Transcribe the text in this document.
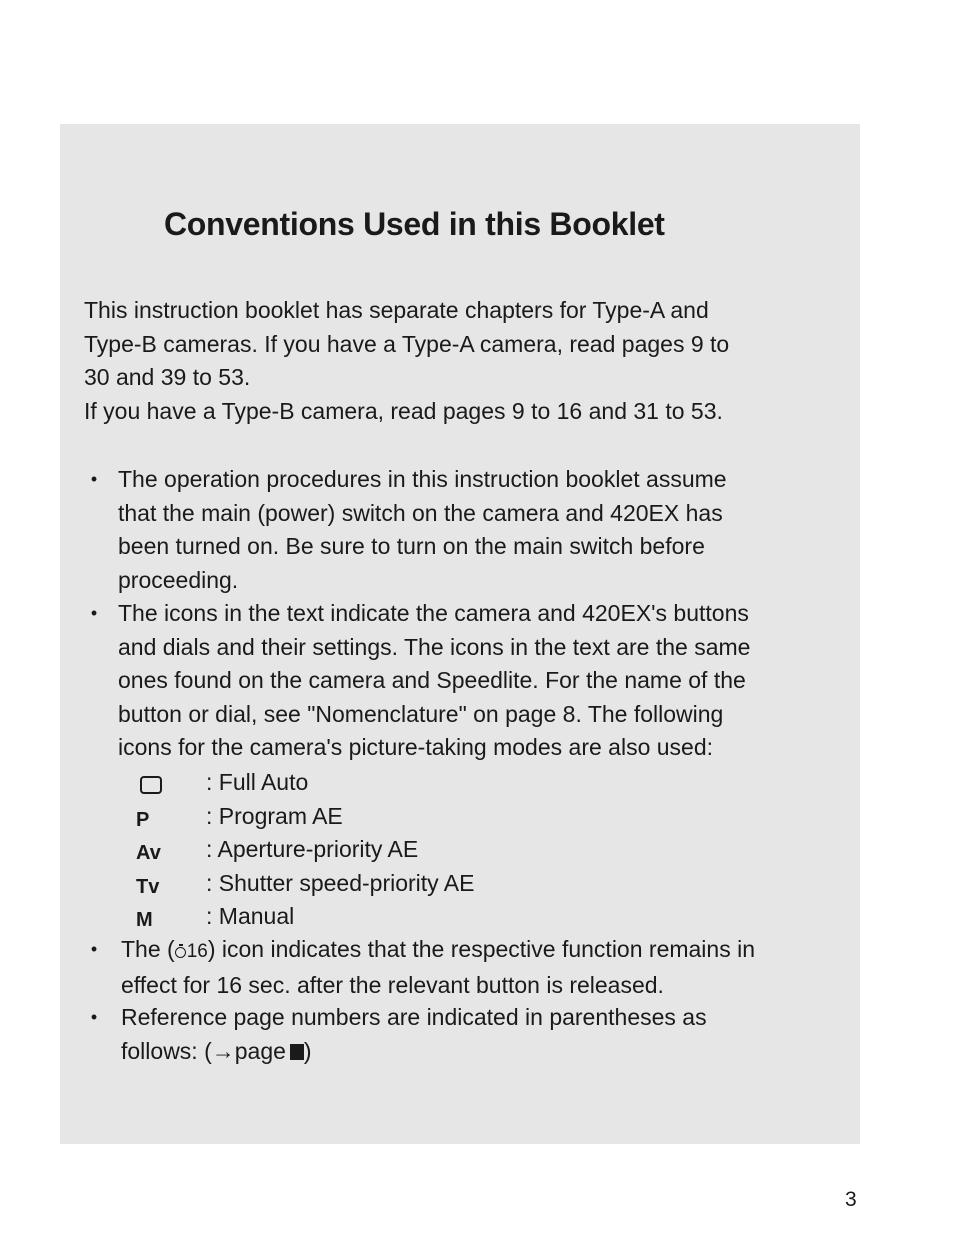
Conventions Used in this Booklet

This instruction booklet has separate chapters for Type-A and

Type-B cameras. If you have a Type-A camera, read pages 9 to

30 and 39 to 53.

If you have a Type-B camera, read pages 9 to 16 and 31 to 53.

• The operation procedures in this instruction booklet assume
that the main (power) switch on the camera and 420EX has
been turned on. Be sure to turn on the main switch before
proceeding.
• The icons in the text indicate the camera and 420EX's buttons
and dials and their settings. The icons in the text are the same
ones found on the camera and Speedlite. For the name of the
button or dial, see "Nomenclature" on page 8. The following
icons for the camera's picture-taking modes are also used:
: Full Auto
P	: Program AE
Av	: Aperture-priority AE
Tv	: Shutter speed-priority AE
M	: Manual
• The ( 16) icon indicates that the respective function remains in
effect for 16 sec. after the relevant button is released.
• Reference page numbers are indicated in parentheses as
follows: (→page )
3
